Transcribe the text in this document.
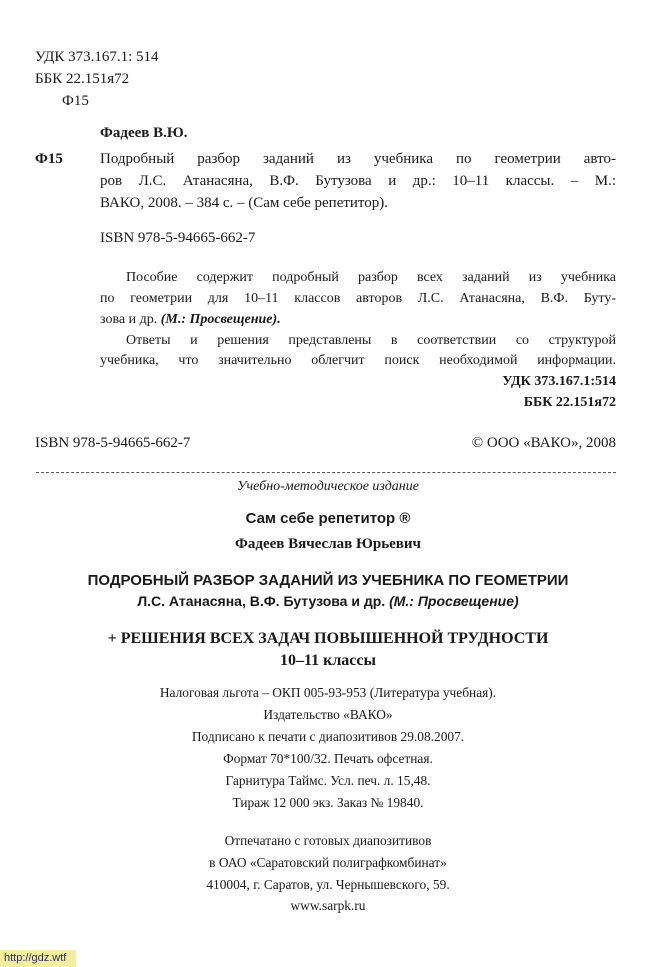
УДК 373.167.1: 514
ББК 22.151я72
Ф15
Фадеев В.Ю.
Ф15 Подробный разбор заданий из учебника по геометрии авто-
ров Л.С. Атанасяна, В.Ф. Бутузова и др.: 10–11 классы. – М.:
ВАКО, 2008. – 384 с. – (Сам себе репетитор).
ISBN 978-5-94665-662-7
Пособие содержит подробный разбор всех заданий из учебника
по геометрии для 10–11 классов авторов Л.С. Атанасяна, В.Ф. Буту-
зова и др. (М.: Просвещение).
Ответы и решения представлены в соответствии со структурой
учебника, что значительно облегчит поиск необходимой информации.
УДК 373.167.1:514
ББК 22.151я72
ISBN 978-5-94665-662-7	© ООО «ВАКО», 2008
Учебно-методическое издание
Сам себе репетитор ®
Фадеев Вячеслав Юрьевич
ПОДРОБНЫЙ РАЗБОР ЗАДАНИЙ ИЗ УЧЕБНИКА ПО ГЕОМЕТРИИ
Л.С. Атанасяна, В.Ф. Бутузова и др. (М.: Просвещение)
+ РЕШЕНИЯ ВСЕХ ЗАДАЧ ПОВЫШЕННОЙ ТРУДНОСТИ
10–11 классы
Налоговая льгота – ОКП 005-93-953 (Литература учебная).
Издательство «ВАКО»
Подписано к печати с диапозитивов 29.08.2007.
Формат 70*100/32. Печать офсетная.
Гарнитура Таймс. Усл. печ. л. 15,48.
Тираж 12 000 экз. Заказ № 19840.
Отпечатано с готовых диапозитивов
в ОАО «Саратовский полиграфкомбинат»
410004, г. Саратов, ул. Чернышевского, 59.
www.sarpk.ru
http://gdz.wtf
